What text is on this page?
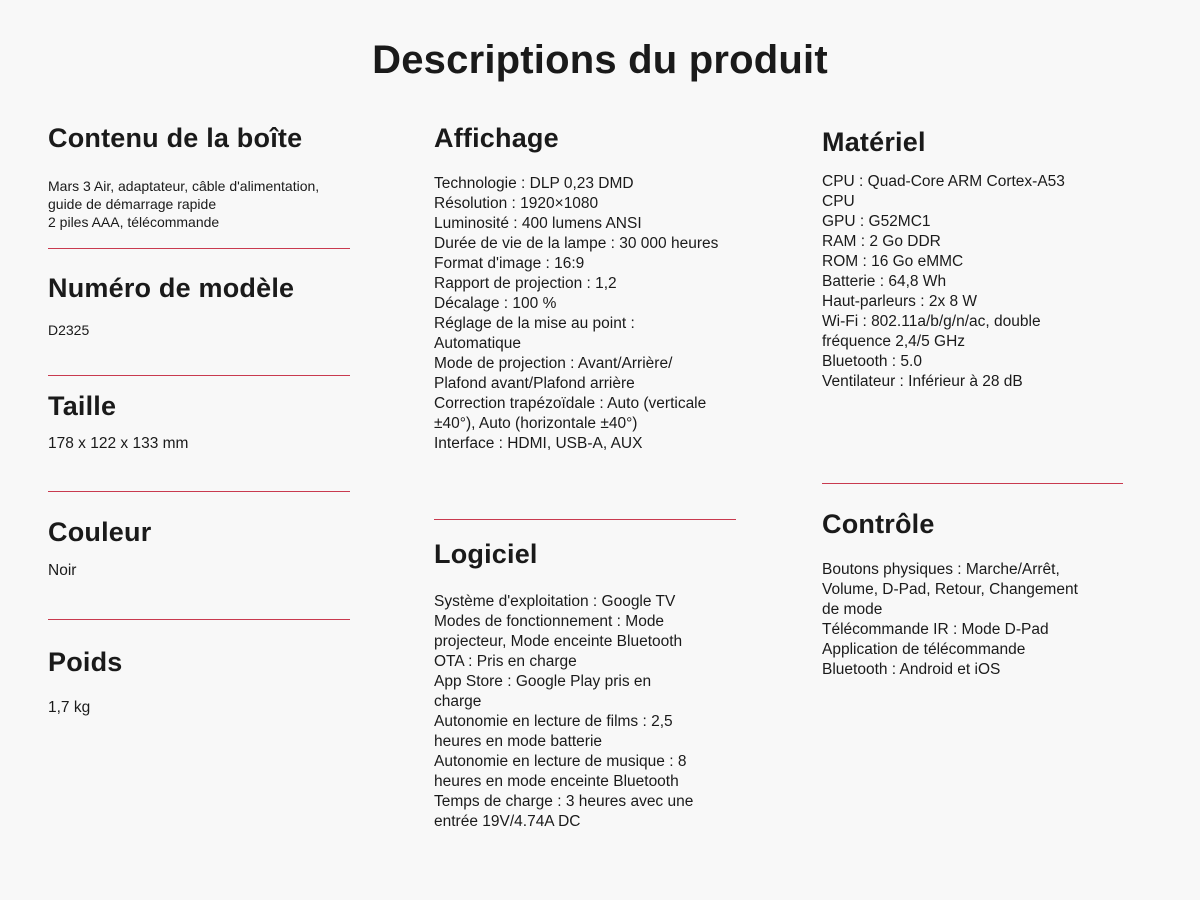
Descriptions du produit
Contenu de la boîte

Mars 3 Air, adaptateur, câble d'alimentation,
guide de démarrage rapide
2 piles AAA, télécommande

Numéro de modèle

D2325

Taille

178 x 122 x 133 mm

Couleur

Noir

Poids

1,7 kg

Affichage

Technologie : DLP 0,23 DMD
Résolution : 1920×1080
Luminosité : 400 lumens ANSI
Durée de vie de la lampe : 30 000 heures
Format d'image : 16:9
Rapport de projection : 1,2
Décalage : 100 %
Réglage de la mise au point :
Automatique
Mode de projection : Avant/Arrière/
Plafond avant/Plafond arrière
Correction trapézoïdale : Auto (verticale
±40°), Auto (horizontale ±40°)
Interface : HDMI, USB-A, AUX

Logiciel

Système d'exploitation : Google TV
Modes de fonctionnement : Mode
projecteur, Mode enceinte Bluetooth
OTA : Pris en charge
App Store : Google Play pris en
charge
Autonomie en lecture de films : 2,5
heures en mode batterie
Autonomie en lecture de musique : 8
heures en mode enceinte Bluetooth
Temps de charge : 3 heures avec une
entrée 19V/4.74A DC

Matériel

CPU : Quad-Core ARM Cortex-A53
CPU
GPU : G52MC1
RAM : 2 Go DDR
ROM : 16 Go eMMC
Batterie : 64,8 Wh
Haut-parleurs : 2x 8 W
Wi-Fi : 802.11a/b/g/n/ac, double
fréquence 2,4/5 GHz
Bluetooth : 5.0
Ventilateur : Inférieur à 28 dB

Contrôle

Boutons physiques : Marche/Arrêt,
Volume, D-Pad, Retour, Changement
de mode
Télécommande IR : Mode D-Pad
Application de télécommande
Bluetooth : Android et iOS
